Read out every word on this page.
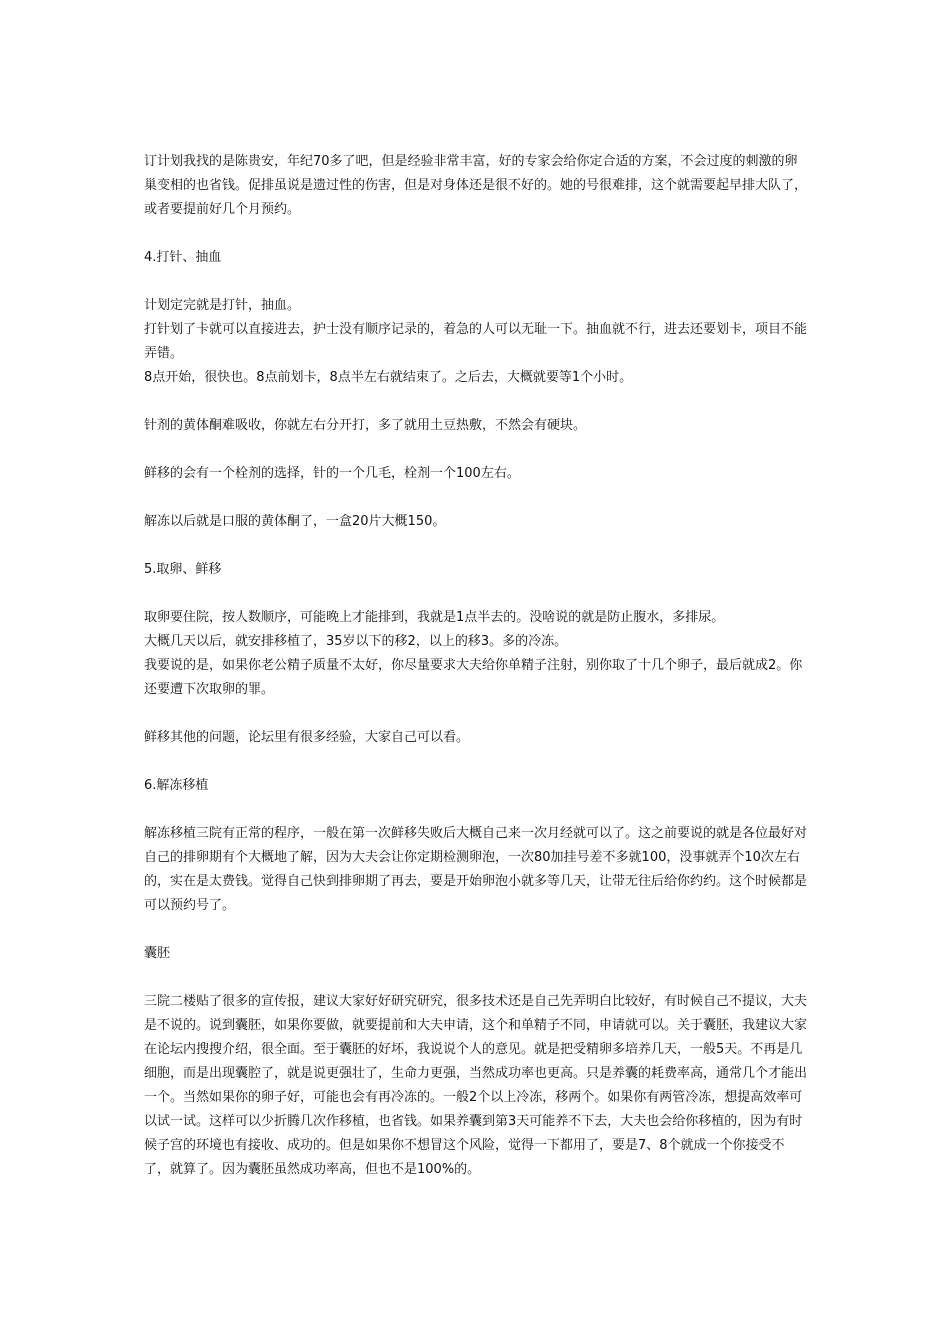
订计划我找的是陈贵安，年纪70多了吧，但是经验非常丰富，好的专家会给你定合适的方案，不会过度的刺激的卵巢变相的也省钱。促排虽说是遗过性的伤害，但是对身体还是很不好的。她的号很难排，这个就需要起早排大队了，或者要提前好几个月预约。

4.打针、抽血

计划定完就是打针，抽血。

打针划了卡就可以直接进去，护士没有顺序记录的，着急的人可以无耻一下。抽血就不行，进去还要划卡，项目不能弄错。

8点开始，很快也。8点前划卡，8点半左右就结束了。之后去，大概就要等1个小时。

针剂的黄体酮难吸收，你就左右分开打，多了就用土豆热敷，不然会有硬块。

鲜移的会有一个栓剂的选择，针的一个几毛，栓剂一个100左右。

解冻以后就是口服的黄体酮了，一盒20片大概150。

5.取卵、鲜移

取卵要住院，按人数顺序，可能晚上才能排到，我就是1点半去的。没啥说的就是防止腹水，多排尿。

大概几天以后，就安排移植了，35岁以下的移2，以上的移3。多的冷冻。

我要说的是，如果你老公精子质量不太好，你尽量要求大夫给你单精子注射，别你取了十几个卵子，最后就成2。你还要遭下次取卵的罪。

鲜移其他的问题，论坛里有很多经验，大家自己可以看。

6.解冻移植

解冻移植三院有正常的程序，一般在第一次鲜移失败后大概自己来一次月经就可以了。这之前要说的就是各位最好对自己的排卵期有个大概地了解，因为大夫会让你定期检测卵泡，一次80加挂号差不多就100，没事就弄个10次左右的，实在是太费钱。觉得自己快到排卵期了再去，要是开始卵泡小就多等几天，让带无往后给你约约。这个时候都是可以预约号了。

囊胚

三院二楼贴了很多的宣传报，建议大家好好研究研究，很多技术还是自己先弄明白比较好，有时候自己不提议，大夫是不说的。说到囊胚，如果你要做，就要提前和大夫申请，这个和单精子不同，申请就可以。关于囊胚，我建议大家在论坛内搜搜介绍，很全面。至于囊胚的好坏，我说说个人的意见。就是把受精卵多培养几天，一般5天。不再是几细胞，而是出现囊腔了，就是说更强壮了，生命力更强，当然成功率也更高。只是养囊的耗费率高，通常几个才能出一个。当然如果你的卵子好，可能也会有再冷冻的。一般2个以上冷冻，移两个。如果你有两管冷冻，想提高效率可以试一试。这样可以少折腾几次作移植，也省钱。如果养囊到第3天可能养不下去，大夫也会给你移植的，因为有时候子宫的环境也有接收、成功的。但是如果你不想冒这个风险，觉得一下都用了，要是7、8个就成一个你接受不了，就算了。因为囊胚虽然成功率高，但也不是100%的。
